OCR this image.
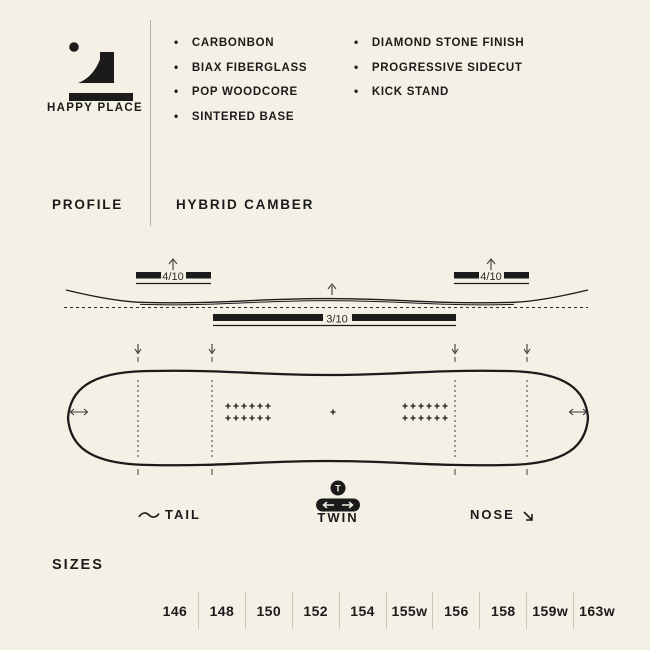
HAPPY PLACE
• CARBONBON
• BIAX FIBERGLASS
• POP WOODCORE
• SINTERED BASE
• DIAMOND STONE FINISH
• PROGRESSIVE SIDECUT
• KICK STAND
PROFILE	HYBRID CAMBER
4/10	4/10
3/10
TAIL
T
TWIN	NOSE
SIZES
146	148	150	152	154	155w	156	158	159w 163w
